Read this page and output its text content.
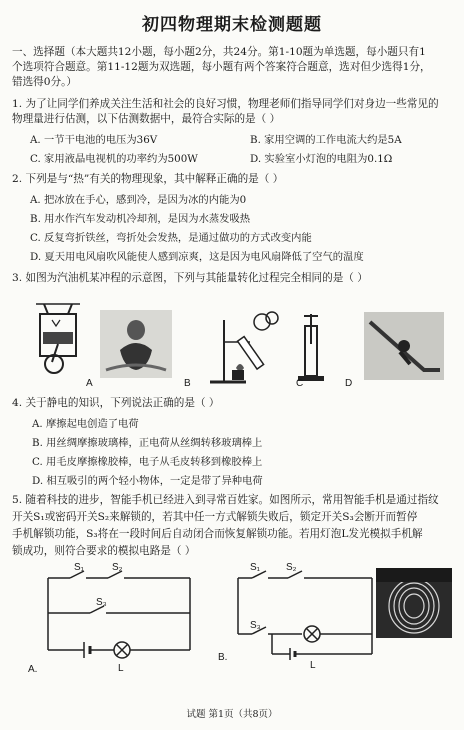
初四物理期末检测题题
一、选择题（本大题共12小题，每小题2分，共24分。第1-10题为单选题，每小题只有1
个选项符合题意。第11-12题为双选题，每小题有两个答案符合题意，选对但少选得1分，
错选得0分。）
1. 为了让同学们养成关注生活和社会的良好习惯，物理老师们指导同学们对身边一些常见的
物理量进行估测，以下估测数据中，最符合实际的是（ ）
A. 一节干电池的电压为36V	B. 家用空调的工作电流大约是5A
C. 家用液晶电视机的功率约为500W	D. 实验室小灯泡的电阻为0.1Ω
2. 下列是与“热”有关的物理现象，其中解释正确的是（ ）
A. 把冰放在手心，感到冷，是因为冰的内能为0
B. 用水作汽车发动机冷却剂，是因为水蒸发吸热
C. 反复弯折铁丝，弯折处会发热，是通过做功的方式改变内能
D. 夏天用电风扇吹风能使人感到凉爽，这是因为电风扇降低了空气的温度
3. 如图为汽油机某冲程的示意图，下列与其能量转化过程完全相同的是（ ）
A	B	C	D
4. 关于静电的知识，下列说法正确的是（ ）
A. 摩擦起电创造了电荷
B. 用丝绸摩擦玻璃棒，正电荷从丝绸转移玻璃棒上
C. 用毛皮摩擦橡胶棒，电子从毛皮转移到橡胶棒上
D. 相互吸引的两个轻小物体，一定是带了异种电荷
5. 随着科技的进步，智能手机已经进入到寻常百姓家。如图所示，常用智能手机是通过指纹
开关S₁或密码开关S₂来解锁的，若其中任一方式解锁失败后，锁定开关S₃会断开而暂停
手机解锁功能，S₃将在一段时间后自动闭合而恢复解锁功能。若用灯泡L发光模拟手机解
锁成功，则符合要求的模拟电路是（ ）
S₁	S₂
S₃
L
A.
S₁	S₂
S₃
L
B.
试题 第1页（共8页）
